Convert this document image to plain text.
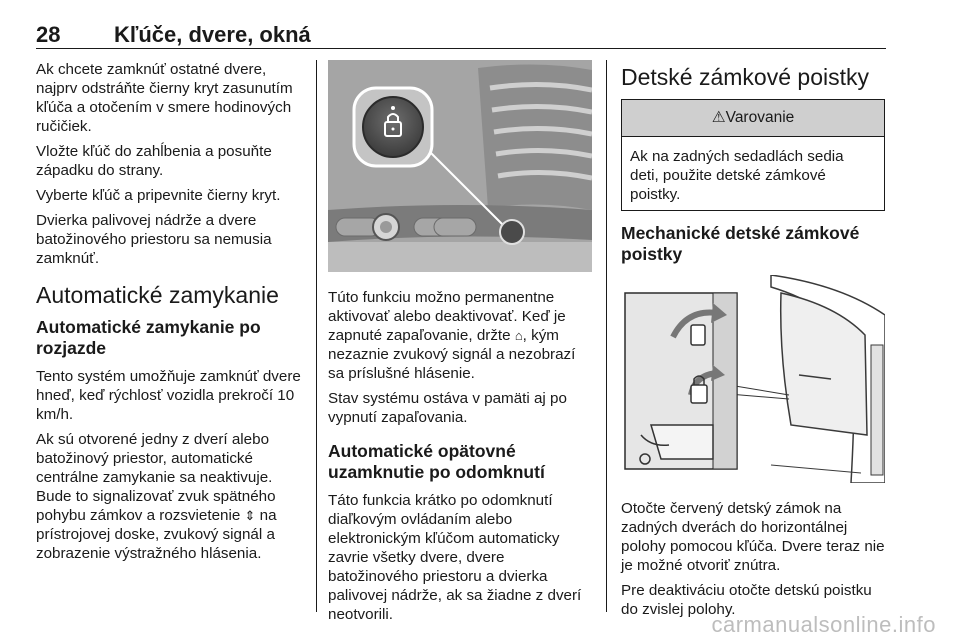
28 Kľúče, dvere, okná

Ak chcete zamknúť ostatné dvere, najprv odstráňte čierny kryt zasunutím kľúča a otočením v smere hodinových ručičiek.

Vložte kľúč do zahĺbenia a posuňte západku do strany.

Vyberte kľúč a pripevnite čierny kryt.

Dvierka palivovej nádrže a dvere batožinového priestoru sa nemusia zamknúť.

Automatické zamykanie
Automatické zamykanie po rozjazde

Tento systém umožňuje zamknúť dvere hneď, keď rýchlosť vozidla prekročí 10 km/h.

Ak sú otvorené jedny z dverí alebo batožinový priestor, automatické centrálne zamykanie sa neaktivuje. Bude to signalizovať zvuk spätného pohybu zámkov a rozsvietenie ⇕ na prístrojovej doske, zvukový signál a zobrazenie výstražného hlásenia.

Túto funkciu možno permanentne aktivovať alebo deaktivovať. Keď je zapnuté zapaľovanie, držte ⌂, kým nezaznie zvukový signál a nezobrazí sa príslušné hlásenie.

Stav systému ostáva v pamäti aj po vypnutí zapaľovania.

Automatické opätovné uzamknutie po odomknutí

Táto funkcia krátko po odomknutí diaľkovým ovládaním alebo elektronickým kľúčom automaticky zavrie všetky dvere, dvere batožinového priestoru a dvierka palivovej nádrže, ak sa žiadne z dverí neotvorili.

Detské zámkové poistky
⚠Varovanie

Ak na zadných sedadlách sedia deti, použite detské zámkové poistky.

Mechanické detské zámkové poistky

Otočte červený detský zámok na zadných dverách do horizontálnej polohy pomocou kľúča. Dvere teraz nie je možné otvoriť znútra.

Pre deaktiváciu otočte detskú poistku do zvislej polohy.

carmanualsonline.info
